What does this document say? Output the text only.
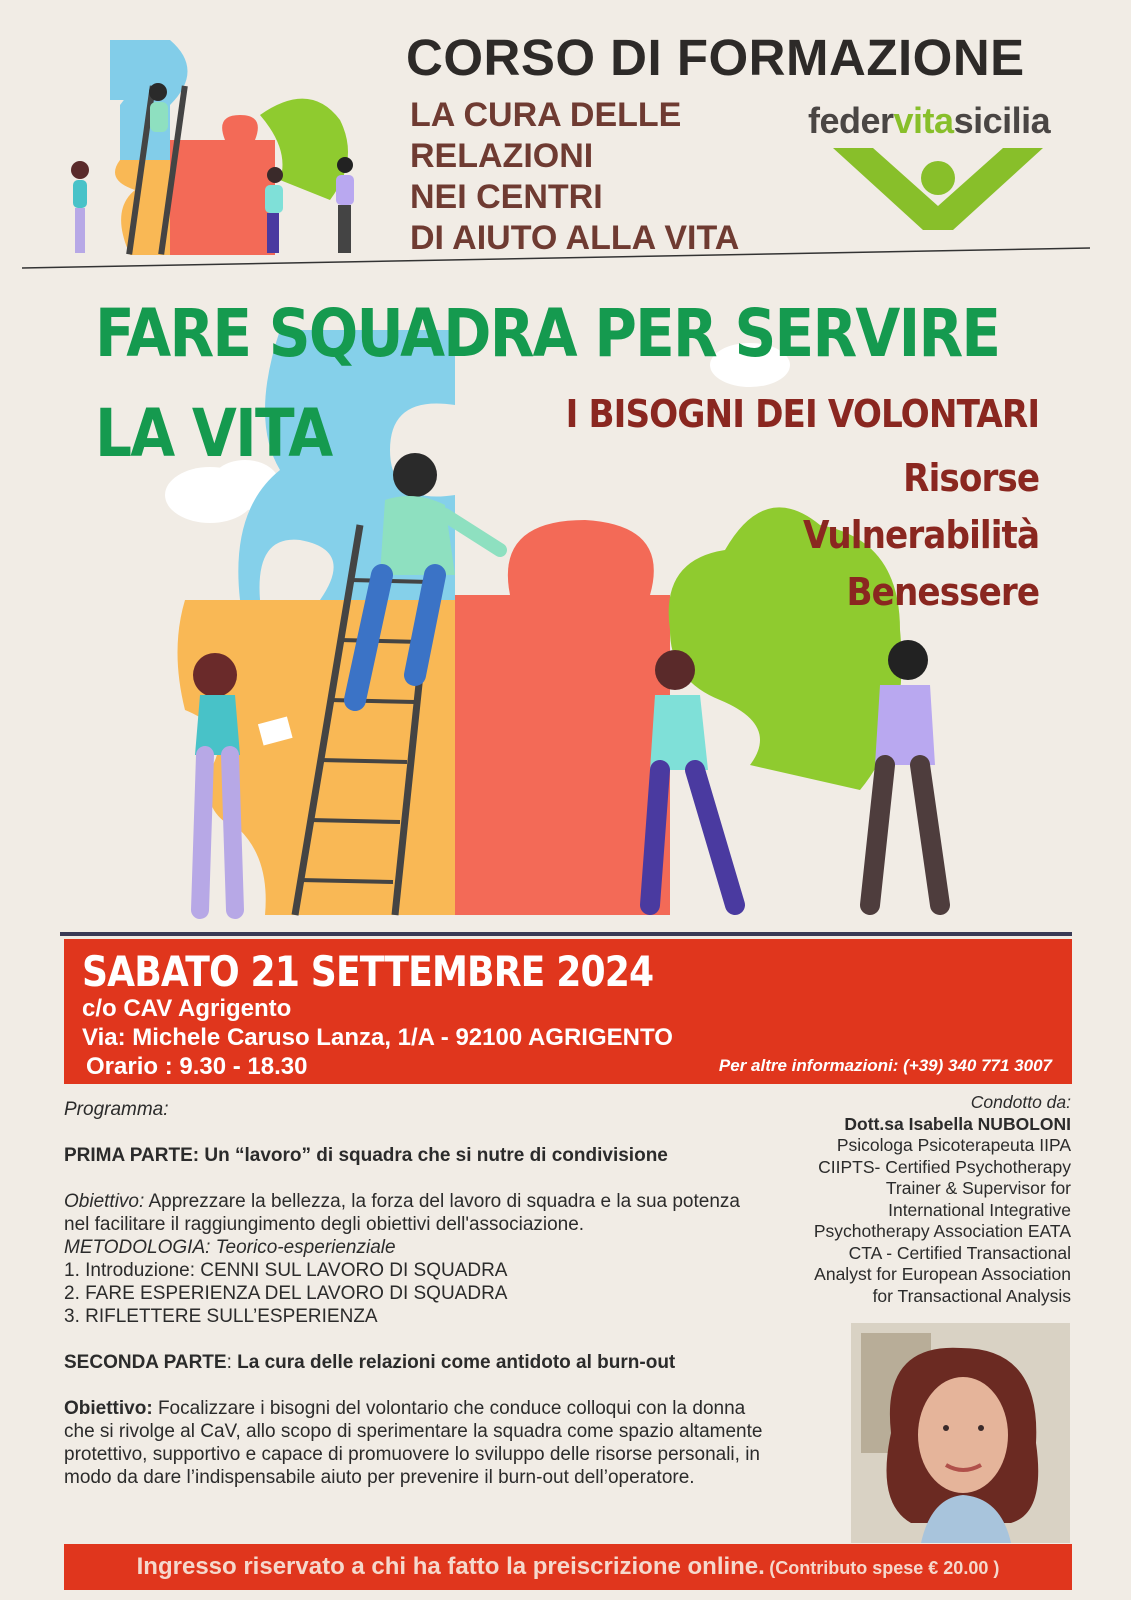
CORSO DI FORMAZIONE
LA CURA DELLE
RELAZIONI
NEI CENTRI
DI AIUTO ALLA VITA
federvitasicilia
FARE SQUADRA PER SERVIRE
LA VITA	I BISOGNI DEI VOLONTARI
Risorse
Vulnerabilità
Benessere
SABATO 21 SETTEMBRE 2024
c/o CAV Agrigento
Via: Michele Caruso Lanza, 1/A - 92100 AGRIGENTO
Orario : 9.30 - 18.30	Per altre informazioni: (+39) 340 771 3007

Programma:

PRIMA PARTE: Un “lavoro” di squadra che si nutre di condivisione

Obiettivo: Apprezzare la bellezza, la forza del lavoro di squadra e la sua potenza nel facilitare il raggiungimento degli obiettivi dell'associazione.

METODOLOGIA: Teorico-esperienziale

1. Introduzione: CENNI SUL LAVORO DI SQUADRA

2. FARE ESPERIENZA DEL LAVORO DI SQUADRA

3. RIFLETTERE SULL’ESPERIENZA

SECONDA PARTE: La cura delle relazioni come antidoto al burn-out

Obiettivo: Focalizzare i bisogni del volontario che conduce colloqui con la donna che si rivolge al CaV, allo scopo di sperimentare la squadra come spazio altamente protettivo, supportivo e capace di promuovere lo sviluppo delle risorse personali, in modo da dare l’indispensabile aiuto per prevenire il burn-out dell’operatore.

Condotto da:
Dott.sa Isabella NUBOLONI
Psicologa Psicoterapeuta IIPA
CIIPTS- Certified Psychotherapy
Trainer & Supervisor for
International Integrative
Psychotherapy Association EATA
CTA - Certified Transactional
Analyst for European Association
for Transactional Analysis
Ingresso riservato a chi ha fatto la preiscrizione online. (Contributo spese € 20.00 )
